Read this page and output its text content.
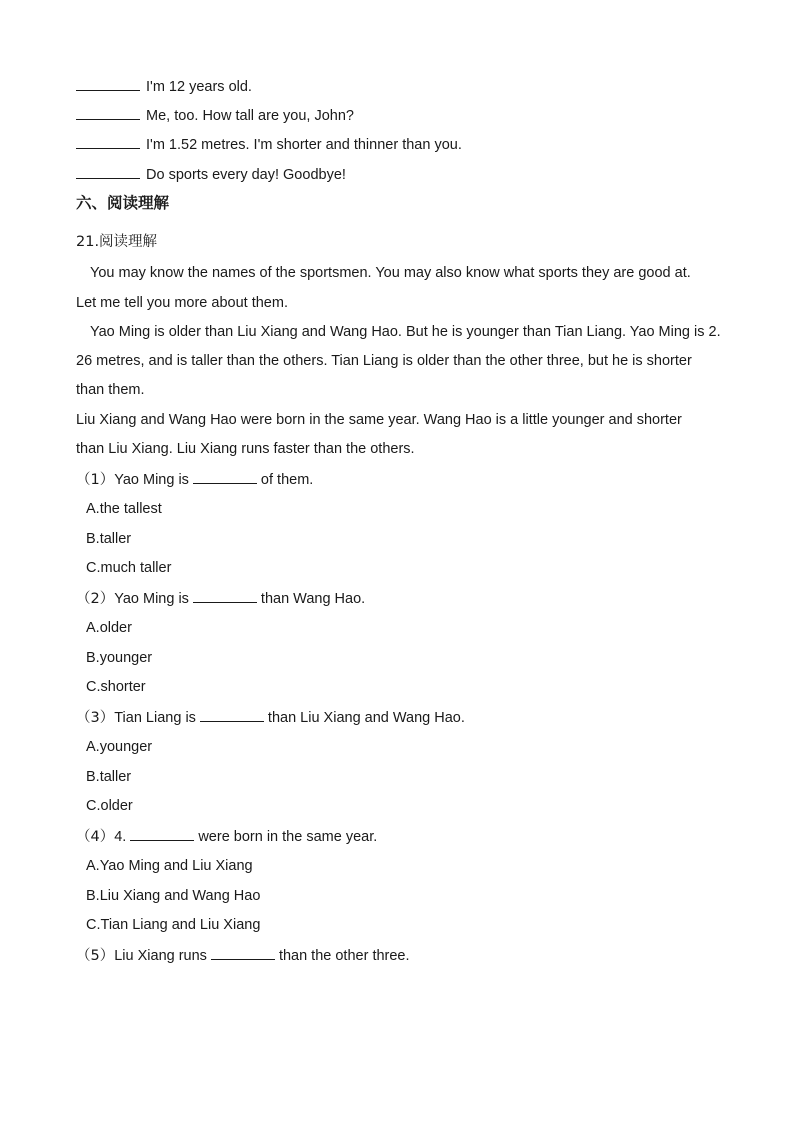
I'm 12 years old.
Me, too. How tall are you, John?
I'm 1.52 metres. I'm shorter and thinner than you.
Do sports every day! Goodbye!
六、阅读理解
21.阅读理解
You may know the names of the sportsmen. You may also know what sports they are good at.
Let me tell you more about them.
Yao Ming is older than Liu Xiang and Wang Hao. But he is younger than Tian Liang. Yao Ming is 2.
26 metres, and is taller than the others. Tian Liang is older than the other three, but he is shorter
than them.
Liu Xiang and Wang Hao were born in the same year. Wang Hao is a little younger and shorter
than Liu Xiang. Liu Xiang runs faster than the others.
（1）Yao Ming is	of them.
A.the tallest
B.taller
C.much taller
（2）Yao Ming is	than Wang Hao.
A.older
B.younger
C.shorter
（3）Tian Liang is	than Liu Xiang and Wang Hao.
A.younger
B.taller
C.older
（4）4.	were born in the same year.
A.Yao Ming and Liu Xiang
B.Liu Xiang and Wang Hao
C.Tian Liang and Liu Xiang
（5）Liu Xiang runs	than the other three.
